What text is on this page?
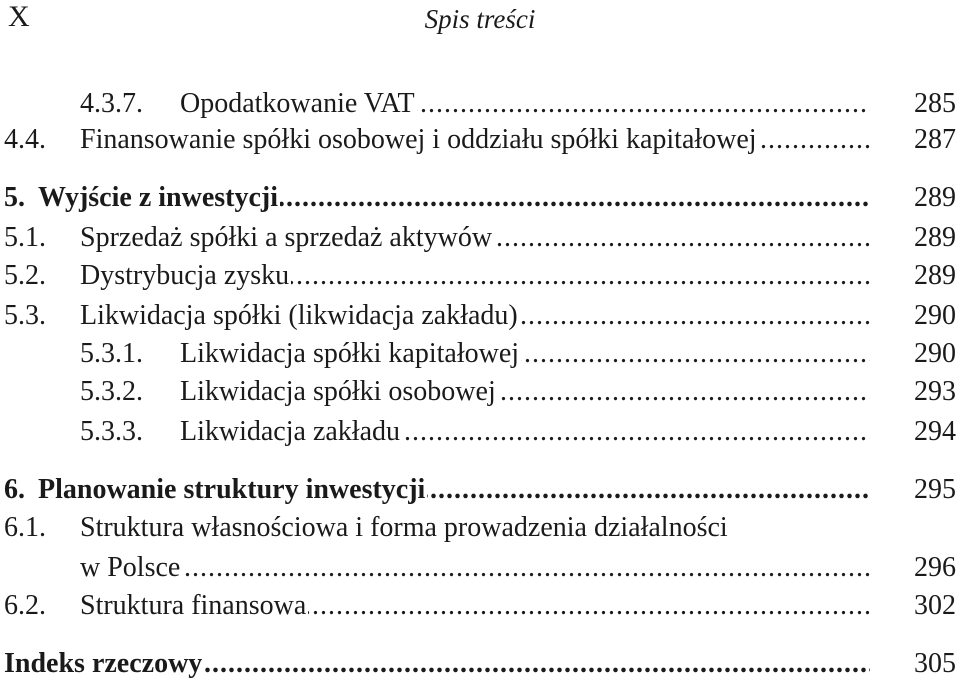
X	Spis treści
4.3.7. Opodatkowanie VAT .....	285
4.4. Finansowanie spółki osobowej i oddziału spółki kapitałowej .....	287
5. Wyjście z inwestycji .....	289
5.1. Sprzedaż spółki a sprzedaż aktywów .....	289
5.2. Dystrybucja zysku .....	289
5.3. Likwidacja spółki (likwidacja zakładu) .....	290
5.3.1. Likwidacja spółki kapitałowej .....	290
5.3.2. Likwidacja spółki osobowej .....	293
5.3.3. Likwidacja zakładu .....	294
6. Planowanie struktury inwestycji .....	295
6.1. Struktura własnościowa i forma prowadzenia działalności
w Polsce .....	296
6.2. Struktura finansowa .....	302
Indeks rzeczowy .....	305
